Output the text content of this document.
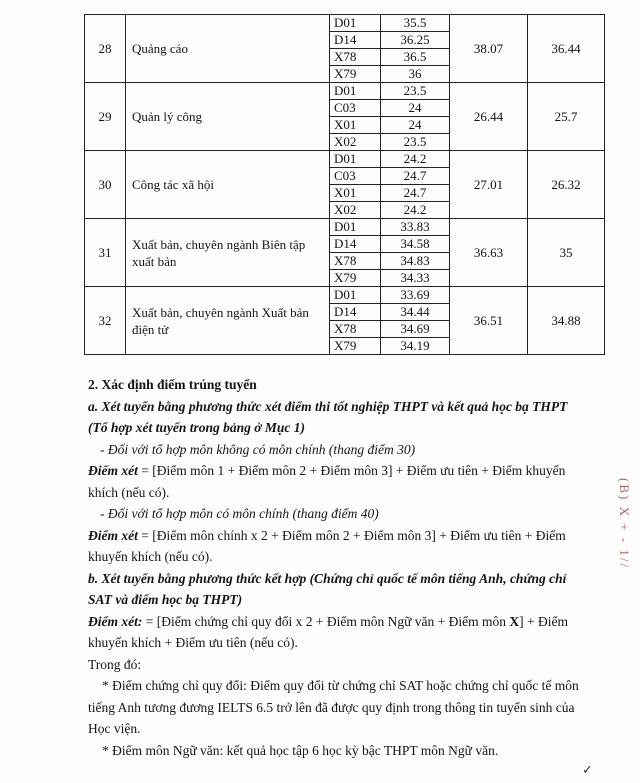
28	Quảng cáo	D01	35.5	38.07	36.44
		D14	36.25		
		X78	36.5		
		X79	36		
29	Quản lý công	D01	23.5	26.44	25.7
		C03	24		
		X01	24		
		X02	23.5		
30	Công tác xã hội	D01	24.2	27.01	26.32
		C03	24.7		
		X01	24.7		
		X02	24.2		
31	Xuất bản, chuyên ngành Biên tập xuất bản	D01	33.83	36.63	35
		D14	34.58		
		X78	34.83		
		X79	34.33		
32	Xuất bản, chuyên ngành Xuất bản điện tử	D01	33.69	36.51	34.88
		D14	34.44		
		X78	34.69		
		X79	34.19		

2. Xác định điểm trúng tuyển

a. Xét tuyển bằng phương thức xét điểm thi tốt nghiệp THPT và kết quả học bạ THPT (Tổ hợp xét tuyển trong bảng ở Mục 1)

- Đối với tổ hợp môn không có môn chính (thang điểm 30)

Điểm xét = [Điểm môn 1 + Điểm môn 2 + Điểm môn 3] + Điểm ưu tiên + Điểm khuyến khích (nếu có).

- Đối với tổ hợp môn có môn chính (thang điểm 40)

Điểm xét = [Điểm môn chính x 2 + Điểm môn 2 + Điểm môn 3] + Điểm ưu tiên + Điểm khuyến khích (nếu có).

b. Xét tuyển bằng phương thức kết hợp (Chứng chỉ quốc tế môn tiếng Anh, chứng chỉ SAT và điểm học bạ THPT)

Điểm xét: = [Điểm chứng chỉ quy đổi x 2 + Điểm môn Ngữ văn + Điểm môn X] + Điểm khuyến khích + Điểm ưu tiên (nếu có).

Trong đó:

* Điểm chứng chỉ quy đổi: Điểm quy đổi từ chứng chỉ SAT hoặc chứng chỉ quốc tế môn tiếng Anh tương đương IELTS 6.5 trở lên đã được quy định trong thông tin tuyển sinh của Học viện.

* Điểm môn Ngữ văn: kết quả học tập 6 học kỳ bậc THPT môn Ngữ văn.

(B) X + - 1//
✓
